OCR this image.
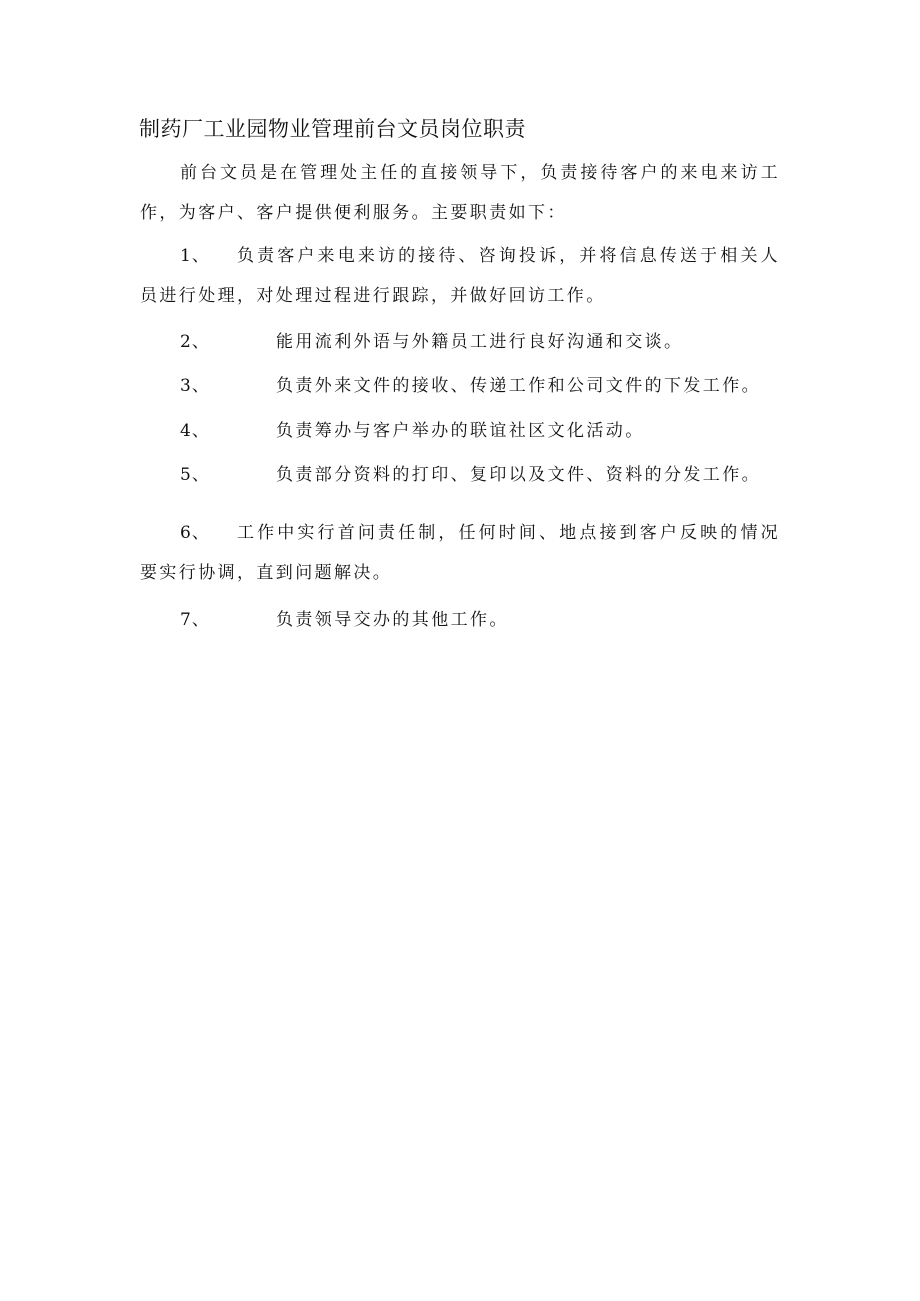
制药厂工业园物业管理前台文员岗位职责
前台文员是在管理处主任的直接领导下，负责接待客户的来电来访工作，为客户、客户提供便利服务。主要职责如下：
1、	负责客户来电来访的接待、咨询投诉，并将信息传送于相关人员进行处理，对处理过程进行跟踪，并做好回访工作。
2、	能用流利外语与外籍员工进行良好沟通和交谈。
3、	负责外来文件的接收、传递工作和公司文件的下发工作。
4、	负责筹办与客户举办的联谊社区文化活动。
5、	负责部分资料的打印、复印以及文件、资料的分发工作。
6、	工作中实行首问责任制，任何时间、地点接到客户反映的情况要实行协调，直到问题解决。
7、	负责领导交办的其他工作。
